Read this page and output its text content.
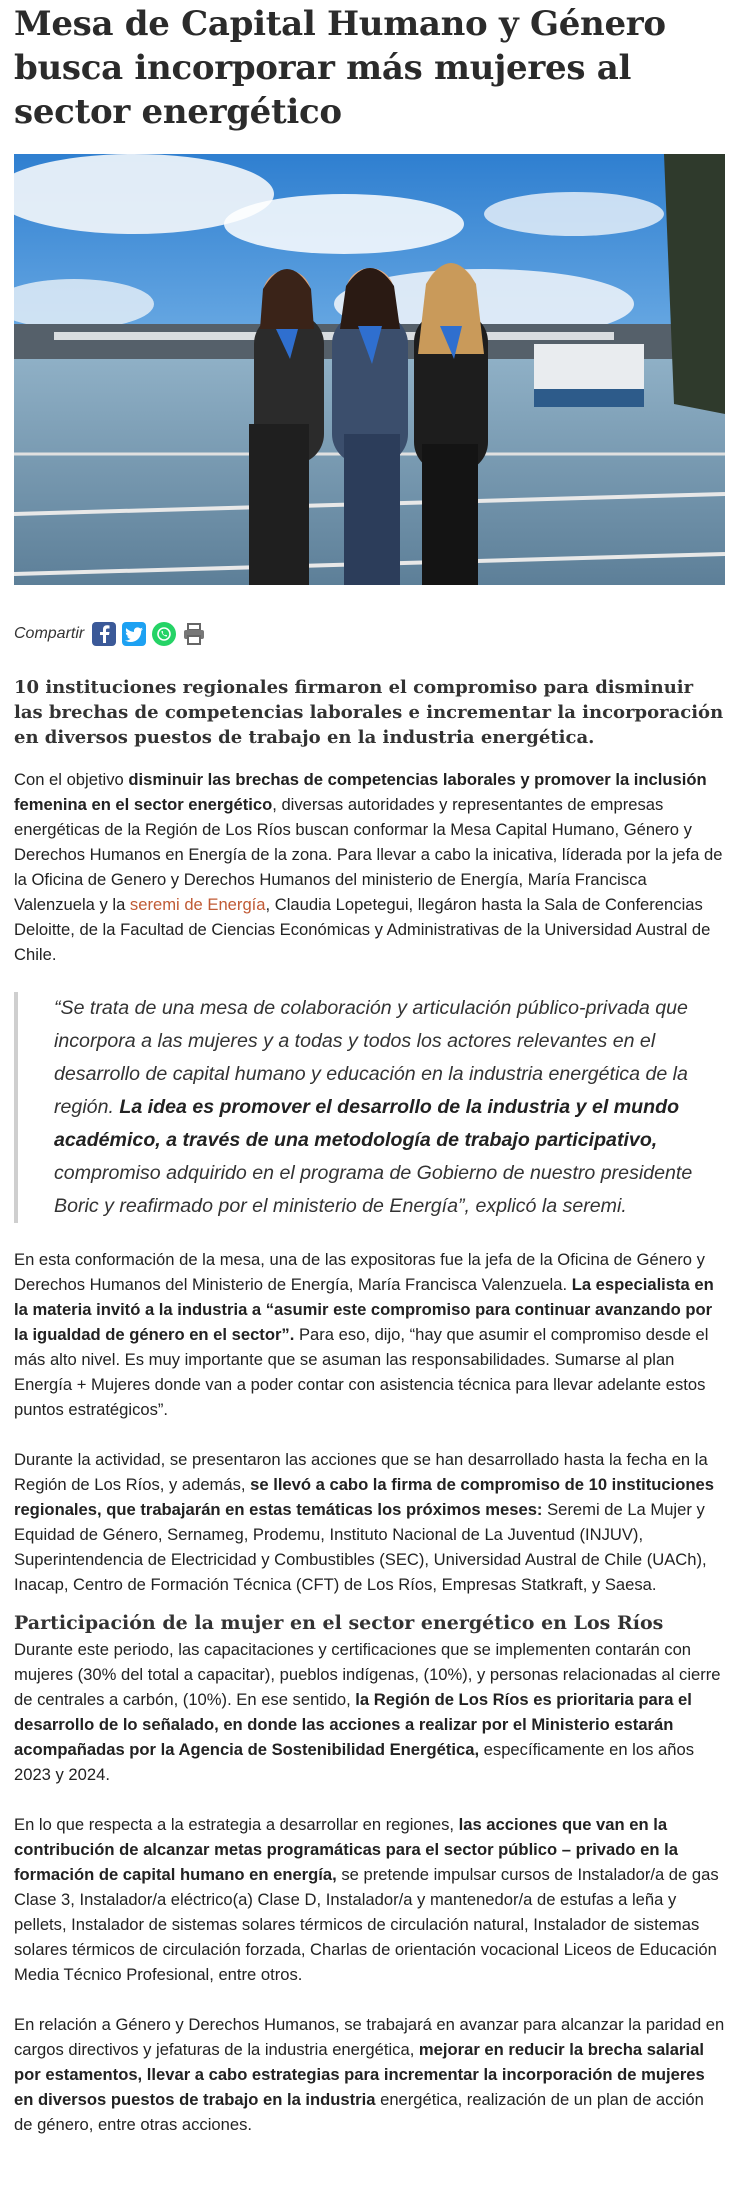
Mesa de Capital Humano y Género busca incorporar más mujeres al sector energético
Compartir

10 instituciones regionales firmaron el compromiso para disminuir las brechas de competencias laborales e incrementar la incorporación en diversos puestos de trabajo en la industria energética.

Con el objetivo disminuir las brechas de competencias laborales y promover la inclusión femenina en el sector energético, diversas autoridades y representantes de empresas energéticas de la Región de Los Ríos buscan conformar la Mesa Capital Humano, Género y Derechos Humanos en Energía de la zona. Para llevar a cabo la inicativa, líderada por la jefa de la Oficina de Genero y Derechos Humanos del ministerio de Energía, María Francisca Valenzuela y la seremi de Energía, Claudia Lopetegui, llegáron hasta la Sala de Conferencias Deloitte, de la Facultad de Ciencias Económicas y Administrativas de la Universidad Austral de Chile.

“Se trata de una mesa de colaboración y articulación público-privada que incorpora a las mujeres y a todas y todos los actores relevantes en el desarrollo de capital humano y educación en la industria energética de la región. La idea es promover el desarrollo de la industria y el mundo académico, a través de una metodología de trabajo participativo, compromiso adquirido en el programa de Gobierno de nuestro presidente Boric y reafirmado por el ministerio de Energía”, explicó la seremi.

En esta conformación de la mesa, una de las expositoras fue la jefa de la Oficina de Género y Derechos Humanos del Ministerio de Energía, María Francisca Valenzuela. La especialista en la materia invitó a la industria a “asumir este compromiso para continuar avanzando por la igualdad de género en el sector”. Para eso, dijo, “hay que asumir el compromiso desde el más alto nivel. Es muy importante que se asuman las responsabilidades. Sumarse al plan Energía + Mujeres donde van a poder contar con asistencia técnica para llevar adelante estos puntos estratégicos”.

Durante la actividad, se presentaron las acciones que se han desarrollado hasta la fecha en la Región de Los Ríos, y además, se llevó a cabo la firma de compromiso de 10 instituciones regionales, que trabajarán en estas temáticas los próximos meses: Seremi de La Mujer y Equidad de Género, Sernameg, Prodemu, Instituto Nacional de La Juventud (INJUV), Superintendencia de Electricidad y Combustibles (SEC), Universidad Austral de Chile (UACh), Inacap, Centro de Formación Técnica (CFT) de Los Ríos, Empresas Statkraft, y Saesa.

Participación de la mujer en el sector energético en Los Ríos

Durante este periodo, las capacitaciones y certificaciones que se implementen contarán con mujeres (30% del total a capacitar), pueblos indígenas, (10%), y personas relacionadas al cierre de centrales a carbón, (10%). En ese sentido, la Región de Los Ríos es prioritaria para el desarrollo de lo señalado, en donde las acciones a realizar por el Ministerio estarán acompañadas por la Agencia de Sostenibilidad Energética, específicamente en los años 2023 y 2024.

En lo que respecta a la estrategia a desarrollar en regiones, las acciones que van en la contribución de alcanzar metas programáticas para el sector público – privado en la formación de capital humano en energía, se pretende impulsar cursos de Instalador/a de gas Clase 3, Instalador/a eléctrico(a) Clase D, Instalador/a y mantenedor/a de estufas a leña y pellets, Instalador de sistemas solares térmicos de circulación natural, Instalador de sistemas solares térmicos de circulación forzada, Charlas de orientación vocacional Liceos de Educación Media Técnico Profesional, entre otros.

En relación a Género y Derechos Humanos, se trabajará en avanzar para alcanzar la paridad en cargos directivos y jefaturas de la industria energética, mejorar en reducir la brecha salarial por estamentos, llevar a cabo estrategias para incrementar la incorporación de mujeres en diversos puestos de trabajo en la industria energética, realización de un plan de acción de género, entre otras acciones.
